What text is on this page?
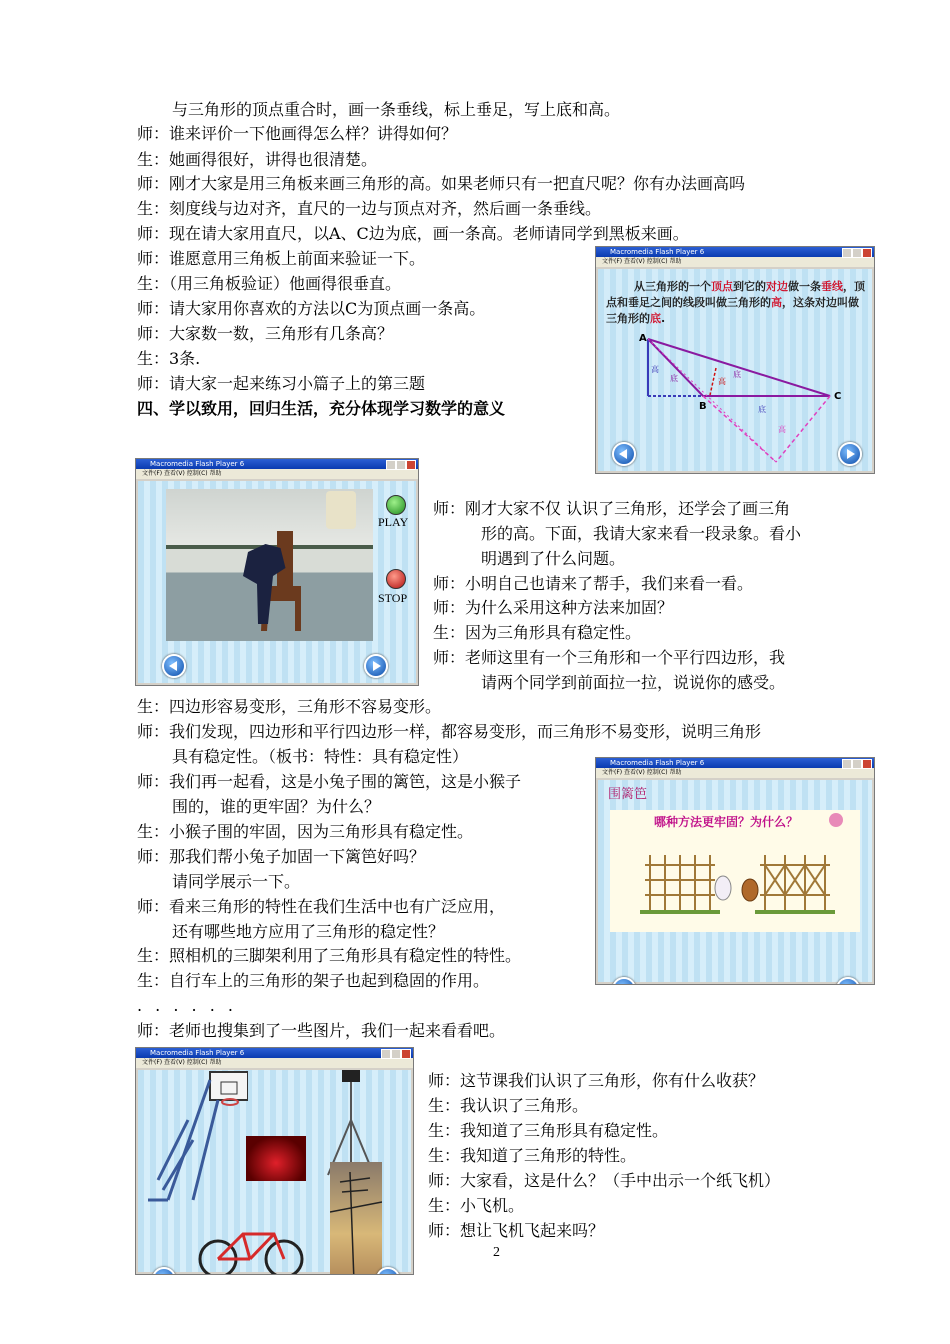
与三角形的顶点重合时，画一条垂线，标上垂足，写上底和高。
师：谁来评价一下他画得怎么样？讲得如何？
生：她画得很好，讲得也很清楚。
师：刚才大家是用三角板来画三角形的高。如果老师只有一把直尺呢？你有办法画高吗
生：刻度线与边对齐，直尺的一边与顶点对齐，然后画一条垂线。
师：现在请大家用直尺，以A、C边为底，画一条高。老师请同学到黑板来画。
师：谁愿意用三角板上前面来验证一下。
生：（用三角板验证）他画得很垂直。
师：请大家用你喜欢的方法以C为顶点画一条高。
师：大家数一数，三角形有几条高？
生：3条.
师：请大家一起来练习小篇子上的第三题
四、学以致用，回归生活，充分体现学习数学的意义
师：刚才大家不仅 认识了三角形，还学会了画三角
形的高。下面，我请大家来看一段录象。看小
明遇到了什么问题。
师：小明自己也请来了帮手，我们来看一看。
师：为什么采用这种方法来加固？
生：因为三角形具有稳定性。
师：老师这里有一个三角形和一个平行四边形，我
请两个同学到前面拉一拉，说说你的感受。
生：四边形容易变形，三角形不容易变形。
师：我们发现，四边形和平行四边形一样，都容易变形，而三角形不易变形，说明三角形
具有稳定性。（板书：特性：具有稳定性）
师：我们再一起看，这是小兔子围的篱笆，这是小猴子
围的，谁的更牢固？为什么？
生：小猴子围的牢固，因为三角形具有稳定性。
师：那我们帮小兔子加固一下篱笆好吗？
请同学展示一下。
师：看来三角形的特性在我们生活中也有广泛应用，
还有哪些地方应用了三角形的稳定性？
生：照相机的三脚架利用了三角形具有稳定性的特性。
生：自行车上的三角形的架子也起到稳固的作用。
. . . . . .
师：老师也搜集到了一些图片，我们一起来看看吧。
师：这节课我们认识了三角形，你有什么收获？
生：我认识了三角形。
生：我知道了三角形具有稳定性。
生：我知道了三角形的特性。
师：大家看，这是什么？（手中出示一个纸飞机）
生：小飞机。
师：想让飞机飞起来吗？
2
Macromedia Flash Player 6
文件(F) 查看(V) 控制(C) 帮助
从三角形的一个顶点到它的对边做一条垂线，顶点和垂足之间的线段叫做三角形的高，这条对边叫做三角形的底.
A
B
C
高
高
底
底
底
高
Macromedia Flash Player 6
文件(F) 查看(V) 控制(C) 帮助
PLAY
STOP
Macromedia Flash Player 6
文件(F) 查看(V) 控制(C) 帮助
围篱笆
哪种方法更牢固？为什么？
Macromedia Flash Player 6
文件(F) 查看(V) 控制(C) 帮助
